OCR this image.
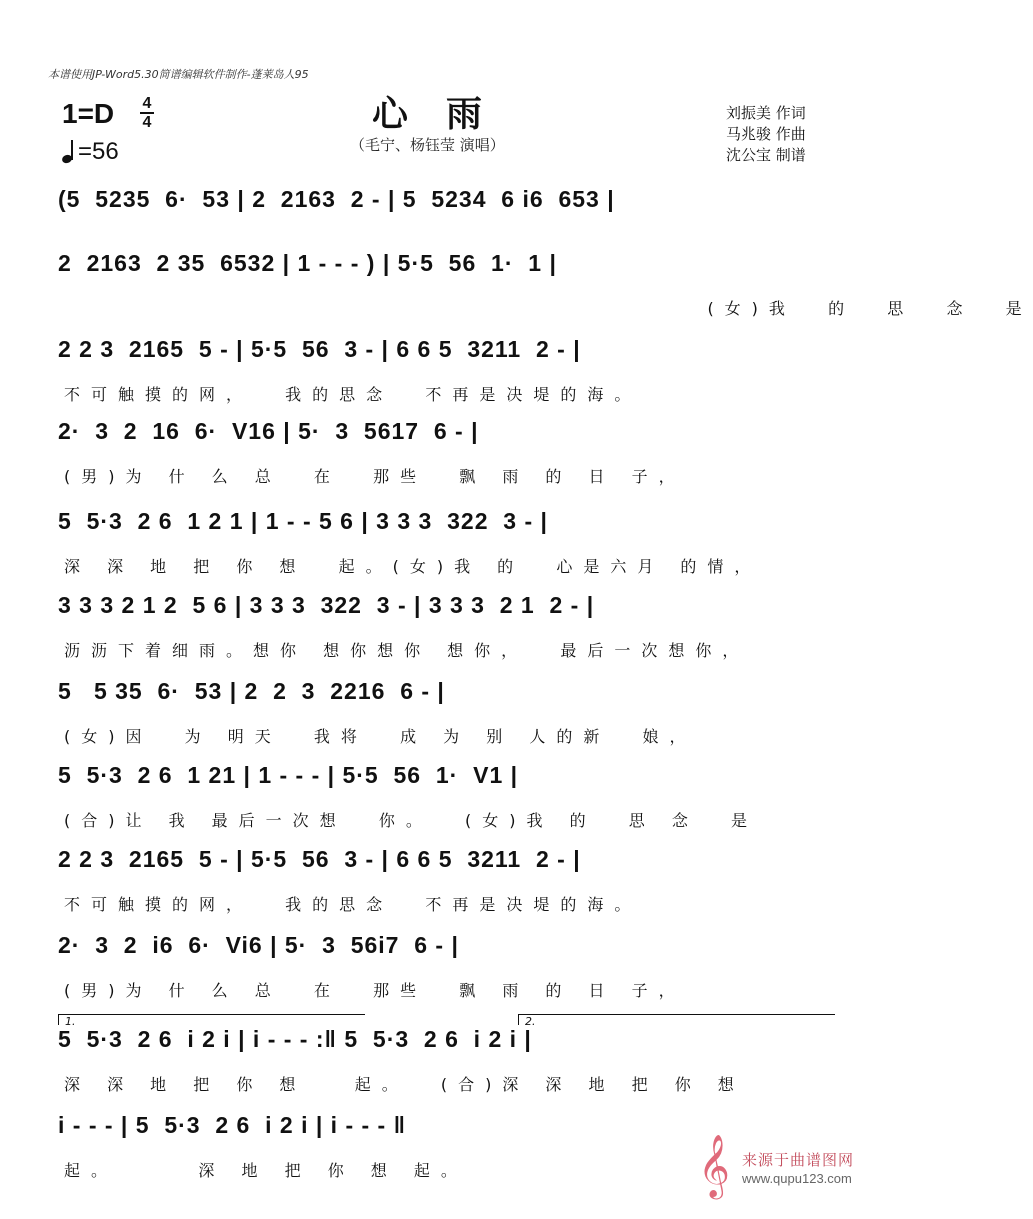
本谱使用JP-Word5.30简谱编辑软件制作-蓬莱岛人95
1=D 4
4
=56
心雨
（毛宁、杨钰莹 演唱）
刘振美 作词
马兆骏 作曲
沈公宝 制谱
(5  5235  6·  53 | 2  2163  2 - | 5  5234  6 i6  653 |
2  2163  2 35  6532 | 1 - - - ) | 5·5  56  1·  1 |
(女)我  的  思  念  是
2 2 3  2165  5 - | 5·5  56  3 - | 6 6 5  3211  2 - |
不可触摸的网，  我的思念  不再是决堤的海。
2·  3  2  16  6·  V16 | 5·  3  5617  6 - |
(男)为 什 么 总  在  那些  飘 雨 的 日 子，
5  5·3  2 6  1 2 1 | 1 - - 5 6 | 3 3 3  322  3 - |
深 深 地 把 你 想  起。(女)我 的  心是六月 的情，
3 3 3 2 1 2  5 6 | 3 3 3  322  3 - | 3 3 3  2 1  2 - |
沥沥下着细雨。想你 想你想你 想你，  最后一次想你，
5   5 35  6·  53 | 2  2  3  2216  6 - |
(女)因  为 明天  我将  成 为 别 人的新  娘，
5  5·3  2 6  1 21 | 1 - - - | 5·5  56  1·  V1 |
(合)让 我 最后一次想  你。  (女)我 的  思 念  是
2 2 3  2165  5 - | 5·5  56  3 - | 6 6 5  3211  2 - |
不可触摸的网，  我的思念  不再是决堤的海。
2·  3  2  i6  6·  Vi6 | 5·  3  56i7  6 - |
(男)为 什 么 总  在  那些  飘 雨 的 日 子，
5  5·3  2 6  i 2 i | i - - - :‖ 5  5·3  2 6  i 2 i |
深 深 地 把 你 想   起。  (合)深 深 地 把 你 想
1.	2.
i - - - | 5  5·3  2 6  i 2 i | i - - - ‖
起。     深 地 把 你 想 起。	𝄞 来源于曲谱图网
www.qupu123.com
